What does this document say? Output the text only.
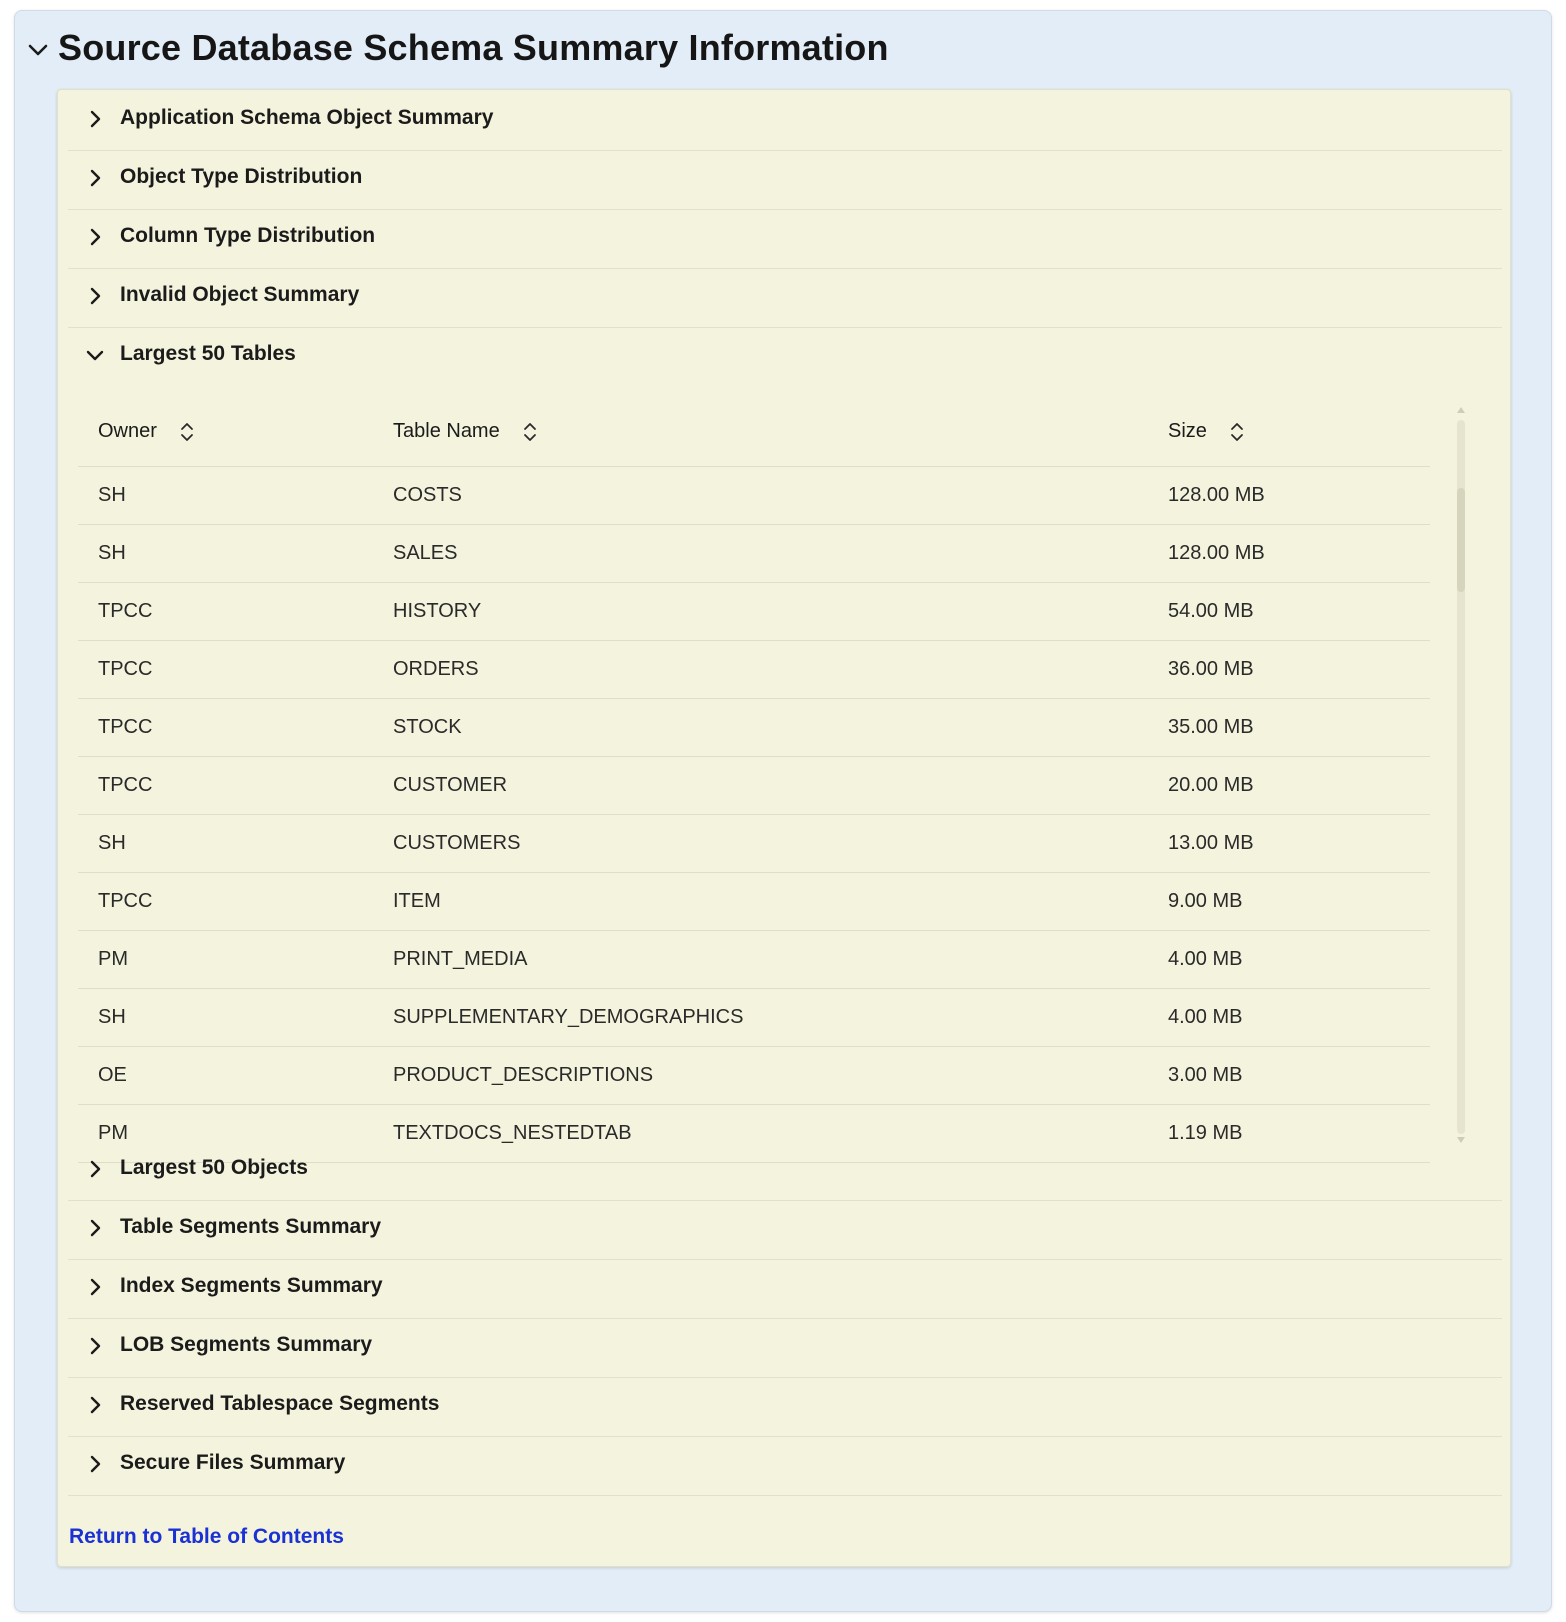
Source Database Schema Summary Information
Application Schema Object Summary
Object Type Distribution
Column Type Distribution
Invalid Object Summary
Largest 50 Tables
Owner	Table Name	Size
SH	COSTS	128.00 MB
SH	SALES	128.00 MB
TPCC	HISTORY	54.00 MB
TPCC	ORDERS	36.00 MB
TPCC	STOCK	35.00 MB
TPCC	CUSTOMER	20.00 MB
SH	CUSTOMERS	13.00 MB
TPCC	ITEM	9.00 MB
PM	PRINT_MEDIA	4.00 MB
SH	SUPPLEMENTARY_DEMOGRAPHICS	4.00 MB
OE	PRODUCT_DESCRIPTIONS	3.00 MB
PM	TEXTDOCS_NESTEDTAB	1.19 MB
Largest 50 Objects
Table Segments Summary
Index Segments Summary
LOB Segments Summary
Reserved Tablespace Segments
Secure Files Summary
Return to Table of Contents
